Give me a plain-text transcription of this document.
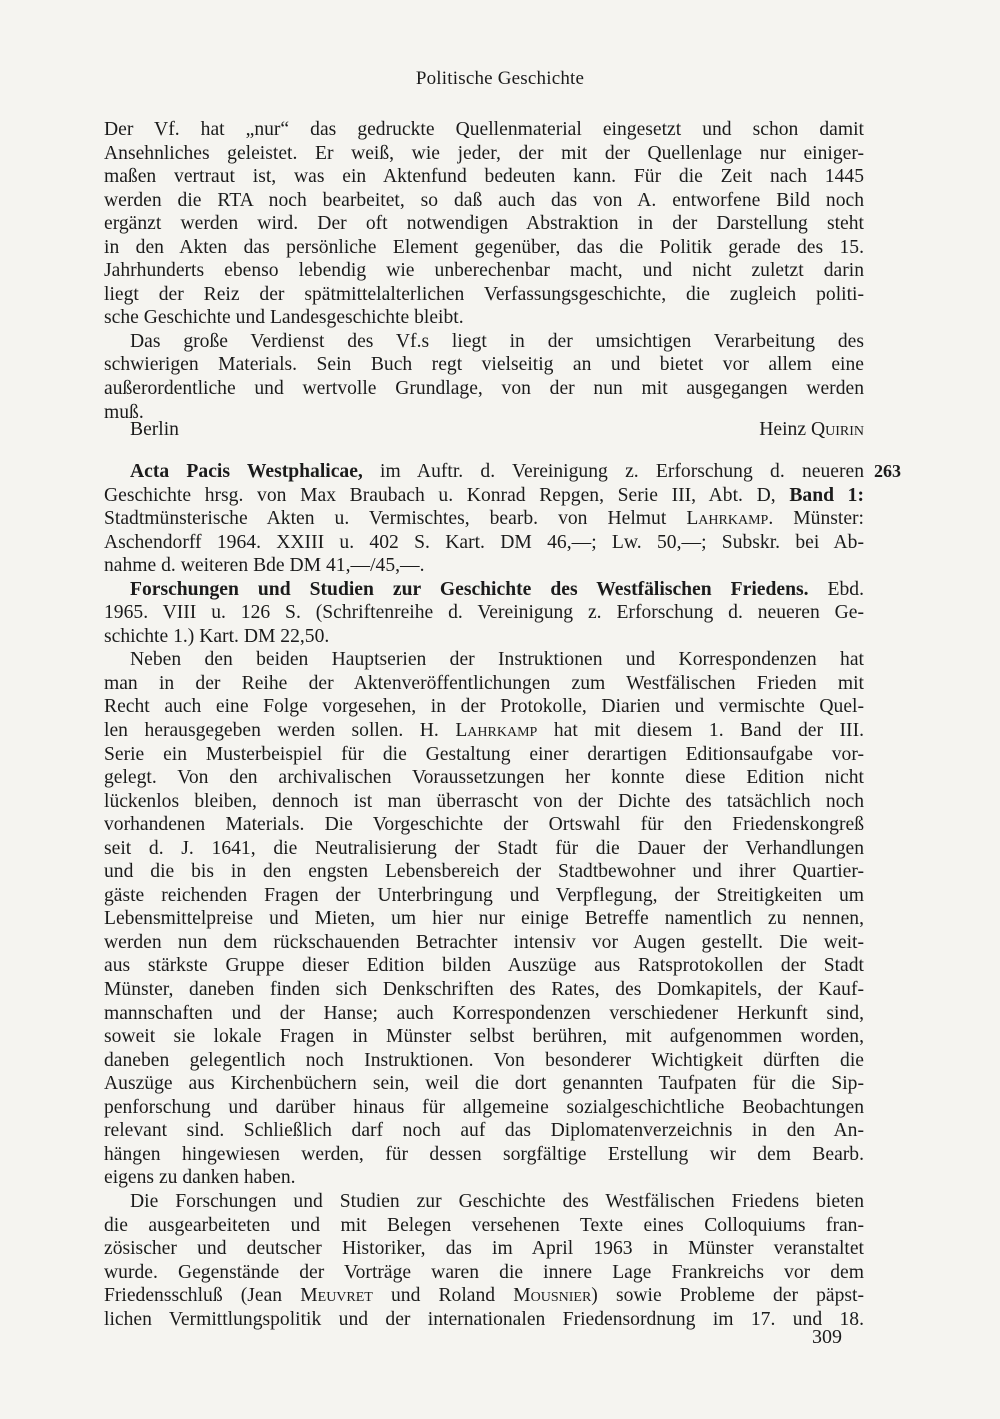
Politische Geschichte
Der Vf. hat „nur“ das gedruckte Quellenmaterial eingesetzt und schon damit
Ansehnliches geleistet. Er weiß, wie jeder, der mit der Quellenlage nur einiger-
maßen vertraut ist, was ein Aktenfund bedeuten kann. Für die Zeit nach 1445
werden die RTA noch bearbeitet, so daß auch das von A. entworfene Bild noch
ergänzt werden wird. Der oft notwendigen Abstraktion in der Darstellung steht
in den Akten das persönliche Element gegenüber, das die Politik gerade des 15.
Jahrhunderts ebenso lebendig wie unberechenbar macht, und nicht zuletzt darin
liegt der Reiz der spätmittelalterlichen Verfassungsgeschichte, die zugleich politi-
sche Geschichte und Landesgeschichte bleibt.
Das große Verdienst des Vf.s liegt in der umsichtigen Verarbeitung des
schwierigen Materials. Sein Buch regt vielseitig an und bietet vor allem eine
außerordentliche und wertvolle Grundlage, von der nun mit ausgegangen werden
muß.
Berlin	Heinz Quirin
263
Acta Pacis Westphalicae, im Auftr. d. Vereinigung z. Erforschung d. neueren
Geschichte hrsg. von Max Braubach u. Konrad Repgen, Serie III, Abt. D, Band 1:
Stadtmünsterische Akten u. Vermischtes, bearb. von Helmut Lahrkamp. Münster:
Aschendorff 1964. XXIII u. 402 S. Kart. DM 46,—; Lw. 50,—; Subskr. bei Ab-
nahme d. weiteren Bde DM 41,—/45,—.
Forschungen und Studien zur Geschichte des Westfälischen Friedens. Ebd.
1965. VIII u. 126 S. (Schriftenreihe d. Vereinigung z. Erforschung d. neueren Ge-
schichte 1.) Kart. DM 22,50.
Neben den beiden Hauptserien der Instruktionen und Korrespondenzen hat
man in der Reihe der Aktenveröffentlichungen zum Westfälischen Frieden mit
Recht auch eine Folge vorgesehen, in der Protokolle, Diarien und vermischte Quel-
len herausgegeben werden sollen. H. Lahrkamp hat mit diesem 1. Band der III.
Serie ein Musterbeispiel für die Gestaltung einer derartigen Editionsaufgabe vor-
gelegt. Von den archivalischen Voraussetzungen her konnte diese Edition nicht
lückenlos bleiben, dennoch ist man überrascht von der Dichte des tatsächlich noch
vorhandenen Materials. Die Vorgeschichte der Ortswahl für den Friedenskongreß
seit d. J. 1641, die Neutralisierung der Stadt für die Dauer der Verhandlungen
und die bis in den engsten Lebensbereich der Stadtbewohner und ihrer Quartier-
gäste reichenden Fragen der Unterbringung und Verpflegung, der Streitigkeiten um
Lebensmittelpreise und Mieten, um hier nur einige Betreffe namentlich zu nennen,
werden nun dem rückschauenden Betrachter intensiv vor Augen gestellt. Die weit-
aus stärkste Gruppe dieser Edition bilden Auszüge aus Ratsprotokollen der Stadt
Münster, daneben finden sich Denkschriften des Rates, des Domkapitels, der Kauf-
mannschaften und der Hanse; auch Korrespondenzen verschiedener Herkunft sind,
soweit sie lokale Fragen in Münster selbst berühren, mit aufgenommen worden,
daneben gelegentlich noch Instruktionen. Von besonderer Wichtigkeit dürften die
Auszüge aus Kirchenbüchern sein, weil die dort genannten Taufpaten für die Sip-
penforschung und darüber hinaus für allgemeine sozialgeschichtliche Beobachtungen
relevant sind. Schließlich darf noch auf das Diplomatenverzeichnis in den An-
hängen hingewiesen werden, für dessen sorgfältige Erstellung wir dem Bearb.
eigens zu danken haben.
Die Forschungen und Studien zur Geschichte des Westfälischen Friedens bieten
die ausgearbeiteten und mit Belegen versehenen Texte eines Colloquiums fran-
zösischer und deutscher Historiker, das im April 1963 in Münster veranstaltet
wurde. Gegenstände der Vorträge waren die innere Lage Frankreichs vor dem
Friedensschluß (Jean Meuvret und Roland Mousnier) sowie Probleme der päpst-
lichen Vermittlungspolitik und der internationalen Friedensordnung im 17. und 18.
309
